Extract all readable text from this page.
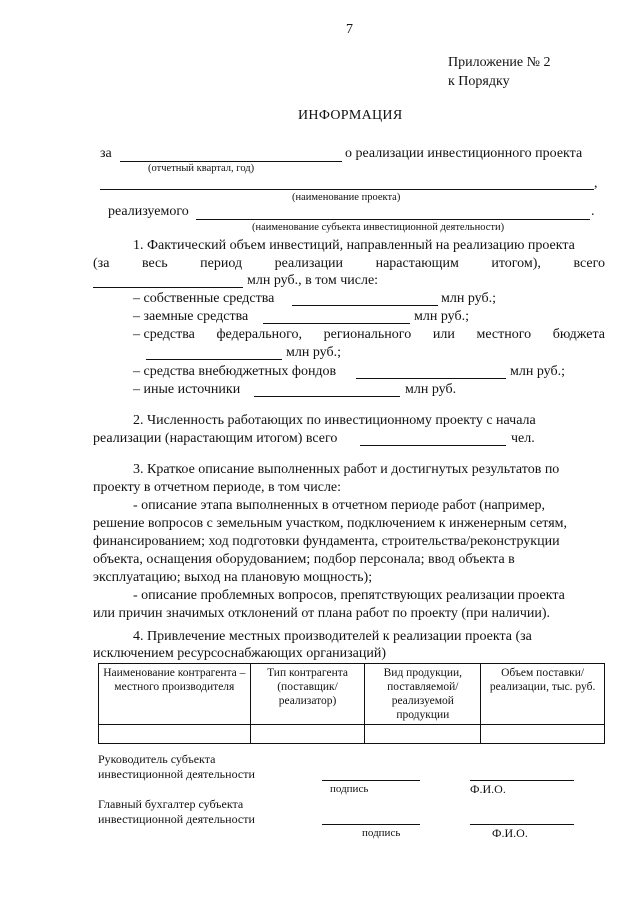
7
Приложение № 2
к Порядку
ИНФОРМАЦИЯ
за	о реализации инвестиционного проекта
(отчетный квартал, год)
,
(наименование проекта)
реализуемого	.
(наименование субъекта инвестиционной деятельности)
1. Фактический объем инвестиций, направленный на реализацию проекта
(за весь период реализации нарастающим итогом), всего
млн руб., в том числе:
– собственные средства	млн руб.;
– заемные средства	млн руб.;
– средства федерального, регионального или местного бюджета
млн руб.;
– средства внебюджетных фондов	млн руб.;
– иные источники	млн руб.
2. Численность работающих по инвестиционному проекту с начала
реализации (нарастающим итогом) всего	чел.
3. Краткое описание выполненных работ и достигнутых результатов по
проекту в отчетном периоде, в том числе:
- описание этапа выполненных в отчетном периоде работ (например,
решение вопросов с земельным участком, подключением к инженерным сетям,
финансированием; ход подготовки фундамента, строительства/реконструкции
объекта, оснащения оборудованием; подбор персонала; ввод объекта в
эксплуатацию; выход на плановую мощность);
- описание проблемных вопросов, препятствующих реализации проекта
или причин значимых отклонений от плана работ по проекту (при наличии).
4. Привлечение местных производителей к реализации проекта (за
исключением ресурсоснабжающих организаций)
Наименование контрагента – местного производителя	Тип контрагента (поставщик/ реализатор)	Вид продукции, поставляемой/ реализуемой продукции	Объем поставки/ реализации, тыс. руб.

Руководитель субъекта
инвестиционной деятельности
подпись	Ф.И.О.
Главный бухгалтер субъекта
инвестиционной деятельности
подпись	Ф.И.О.
